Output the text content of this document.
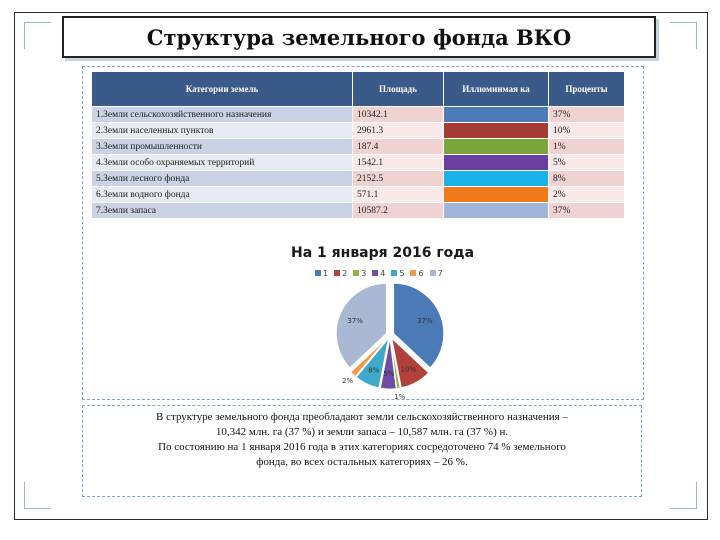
Структура земельного фонда ВКО
Категории земель	Площадь	Иллюминмая ка	Проценты
1.Земли сельскохозяйственного назначения	10342.1		37%
2.Земли населенных пунктов	2961.3		10%
3.Земли промышленности	187.4		1%
4.Земли особо охраняемых территорий	1542.1		5%
5.Земли лесного фонда	2152.5		8%
6.Земли водного фонда	571.1		2%
7.Земли запаса	10587.2		37%
На 1 января 2016 года
1	2	3	4	5	6	7
37%
10%
1%
5%
8%
2%
37%

В структуре земельного фонда преобладают земли сельскохозяйственного назначения –

10,342 млн. га (37 %) и земли запаса – 10,587 млн. га (37 %) н.

По состоянию на 1 января 2016 года в этих категориях сосредоточено 74 % земельного

фонда, во всех остальных категориях – 26 %.
